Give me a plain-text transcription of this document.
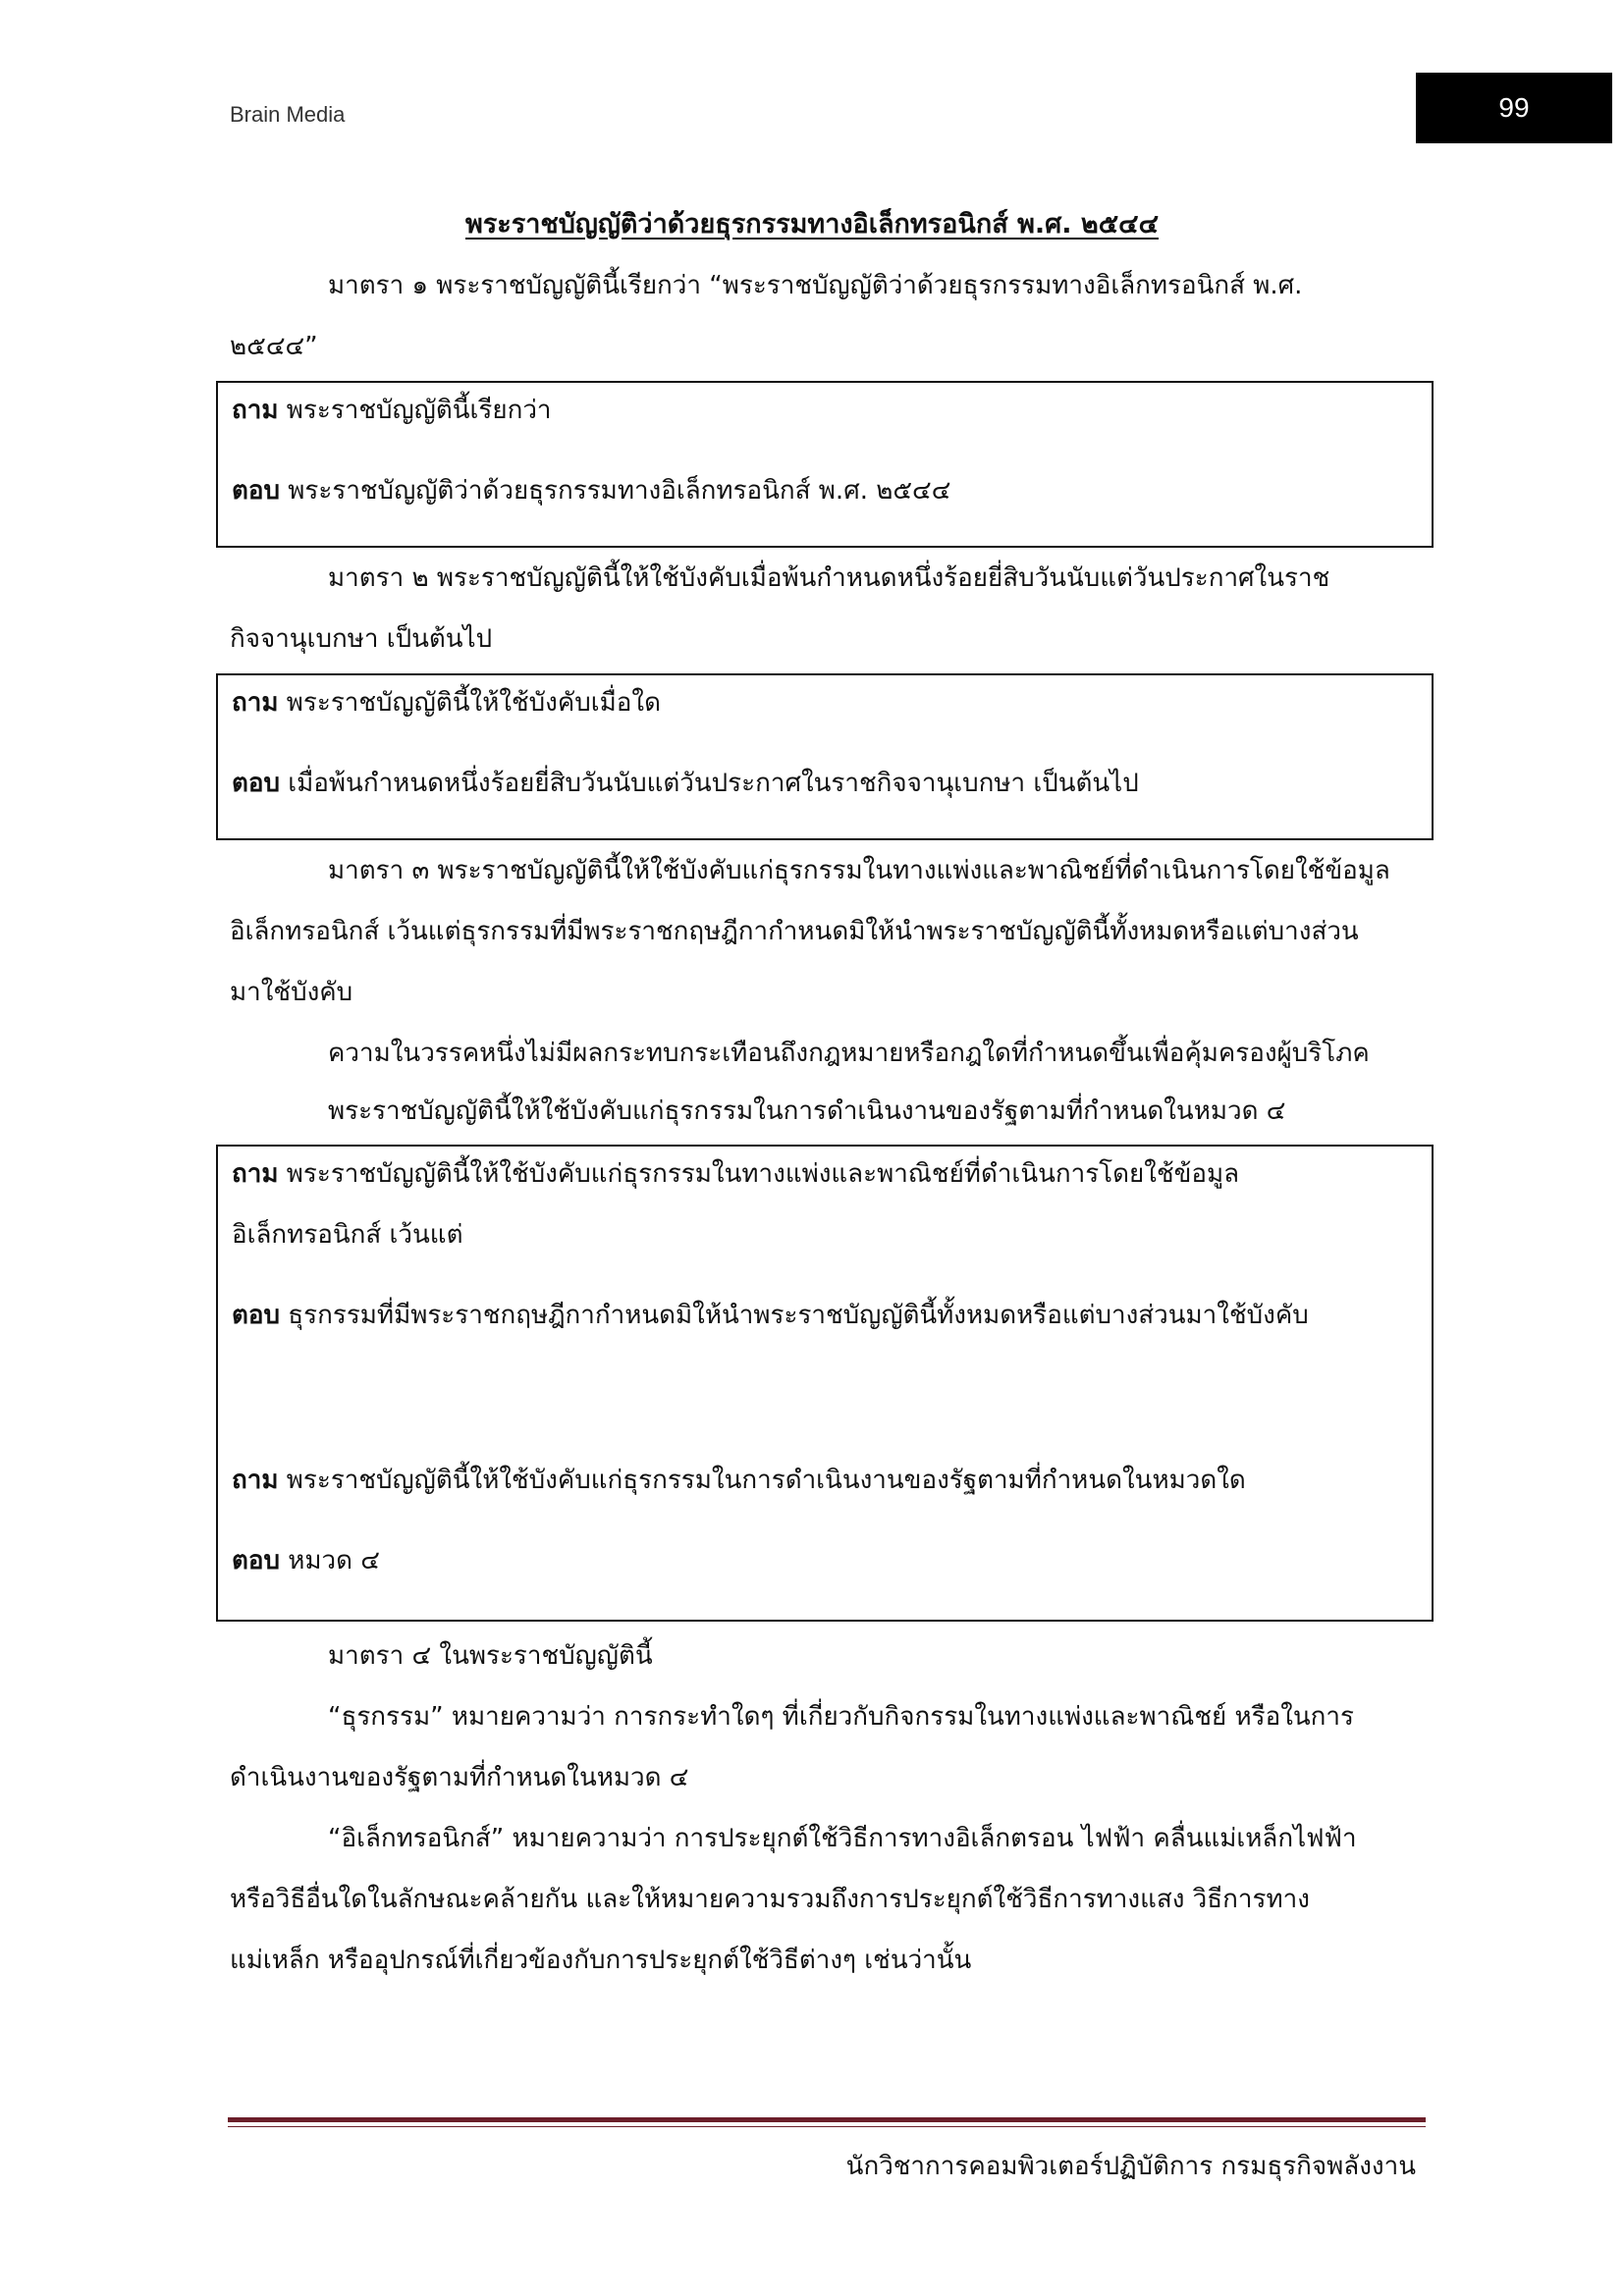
Brain Media	99
พระราชบัญญัติว่าด้วยธุรกรรมทางอิเล็กทรอนิกส์ พ.ศ. ๒๕๔๔
มาตรา ๑ พระราชบัญญัตินี้เรียกว่า “พระราชบัญญัติว่าด้วยธุรกรรมทางอิเล็กทรอนิกส์ พ.ศ.
๒๕๔๔”

ถาม พระราชบัญญัตินี้เรียกว่า

ตอบ พระราชบัญญัติว่าด้วยธุรกรรมทางอิเล็กทรอนิกส์ พ.ศ. ๒๕๔๔

มาตรา ๒ พระราชบัญญัตินี้ให้ใช้บังคับเมื่อพ้นกำหนดหนึ่งร้อยยี่สิบวันนับแต่วันประกาศในราช
กิจจานุเบกษา เป็นต้นไป

ถาม พระราชบัญญัตินี้ให้ใช้บังคับเมื่อใด

ตอบ เมื่อพ้นกำหนดหนึ่งร้อยยี่สิบวันนับแต่วันประกาศในราชกิจจานุเบกษา เป็นต้นไป

มาตรา ๓ พระราชบัญญัตินี้ให้ใช้บังคับแก่ธุรกรรมในทางแพ่งและพาณิชย์ที่ดำเนินการโดยใช้ข้อมูล
อิเล็กทรอนิกส์ เว้นแต่ธุรกรรมที่มีพระราชกฤษฎีกากำหนดมิให้นำพระราชบัญญัตินี้ทั้งหมดหรือแต่บางส่วน
มาใช้บังคับ
ความในวรรคหนึ่งไม่มีผลกระทบกระเทือนถึงกฎหมายหรือกฎใดที่กำหนดขึ้นเพื่อคุ้มครองผู้บริโภค
พระราชบัญญัตินี้ให้ใช้บังคับแก่ธุรกรรมในการดำเนินงานของรัฐตามที่กำหนดในหมวด ๔

ถาม พระราชบัญญัตินี้ให้ใช้บังคับแก่ธุรกรรมในทางแพ่งและพาณิชย์ที่ดำเนินการโดยใช้ข้อมูล

อิเล็กทรอนิกส์ เว้นแต่

ตอบ ธุรกรรมที่มีพระราชกฤษฎีกากำหนดมิให้นำพระราชบัญญัตินี้ทั้งหมดหรือแต่บางส่วนมาใช้บังคับ

ถาม พระราชบัญญัตินี้ให้ใช้บังคับแก่ธุรกรรมในการดำเนินงานของรัฐตามที่กำหนดในหมวดใด

ตอบ หมวด ๔

มาตรา ๔ ในพระราชบัญญัตินี้
“ธุรกรรม” หมายความว่า การกระทำใดๆ ที่เกี่ยวกับกิจกรรมในทางแพ่งและพาณิชย์ หรือในการ
ดำเนินงานของรัฐตามที่กำหนดในหมวด ๔
“อิเล็กทรอนิกส์” หมายความว่า การประยุกต์ใช้วิธีการทางอิเล็กตรอน ไฟฟ้า คลื่นแม่เหล็กไฟฟ้า
หรือวิธีอื่นใดในลักษณะคล้ายกัน และให้หมายความรวมถึงการประยุกต์ใช้วิธีการทางแสง วิธีการทาง
แม่เหล็ก หรืออุปกรณ์ที่เกี่ยวข้องกับการประยุกต์ใช้วิธีต่างๆ เช่นว่านั้น
นักวิชาการคอมพิวเตอร์ปฏิบัติการ กรมธุรกิจพลังงาน
